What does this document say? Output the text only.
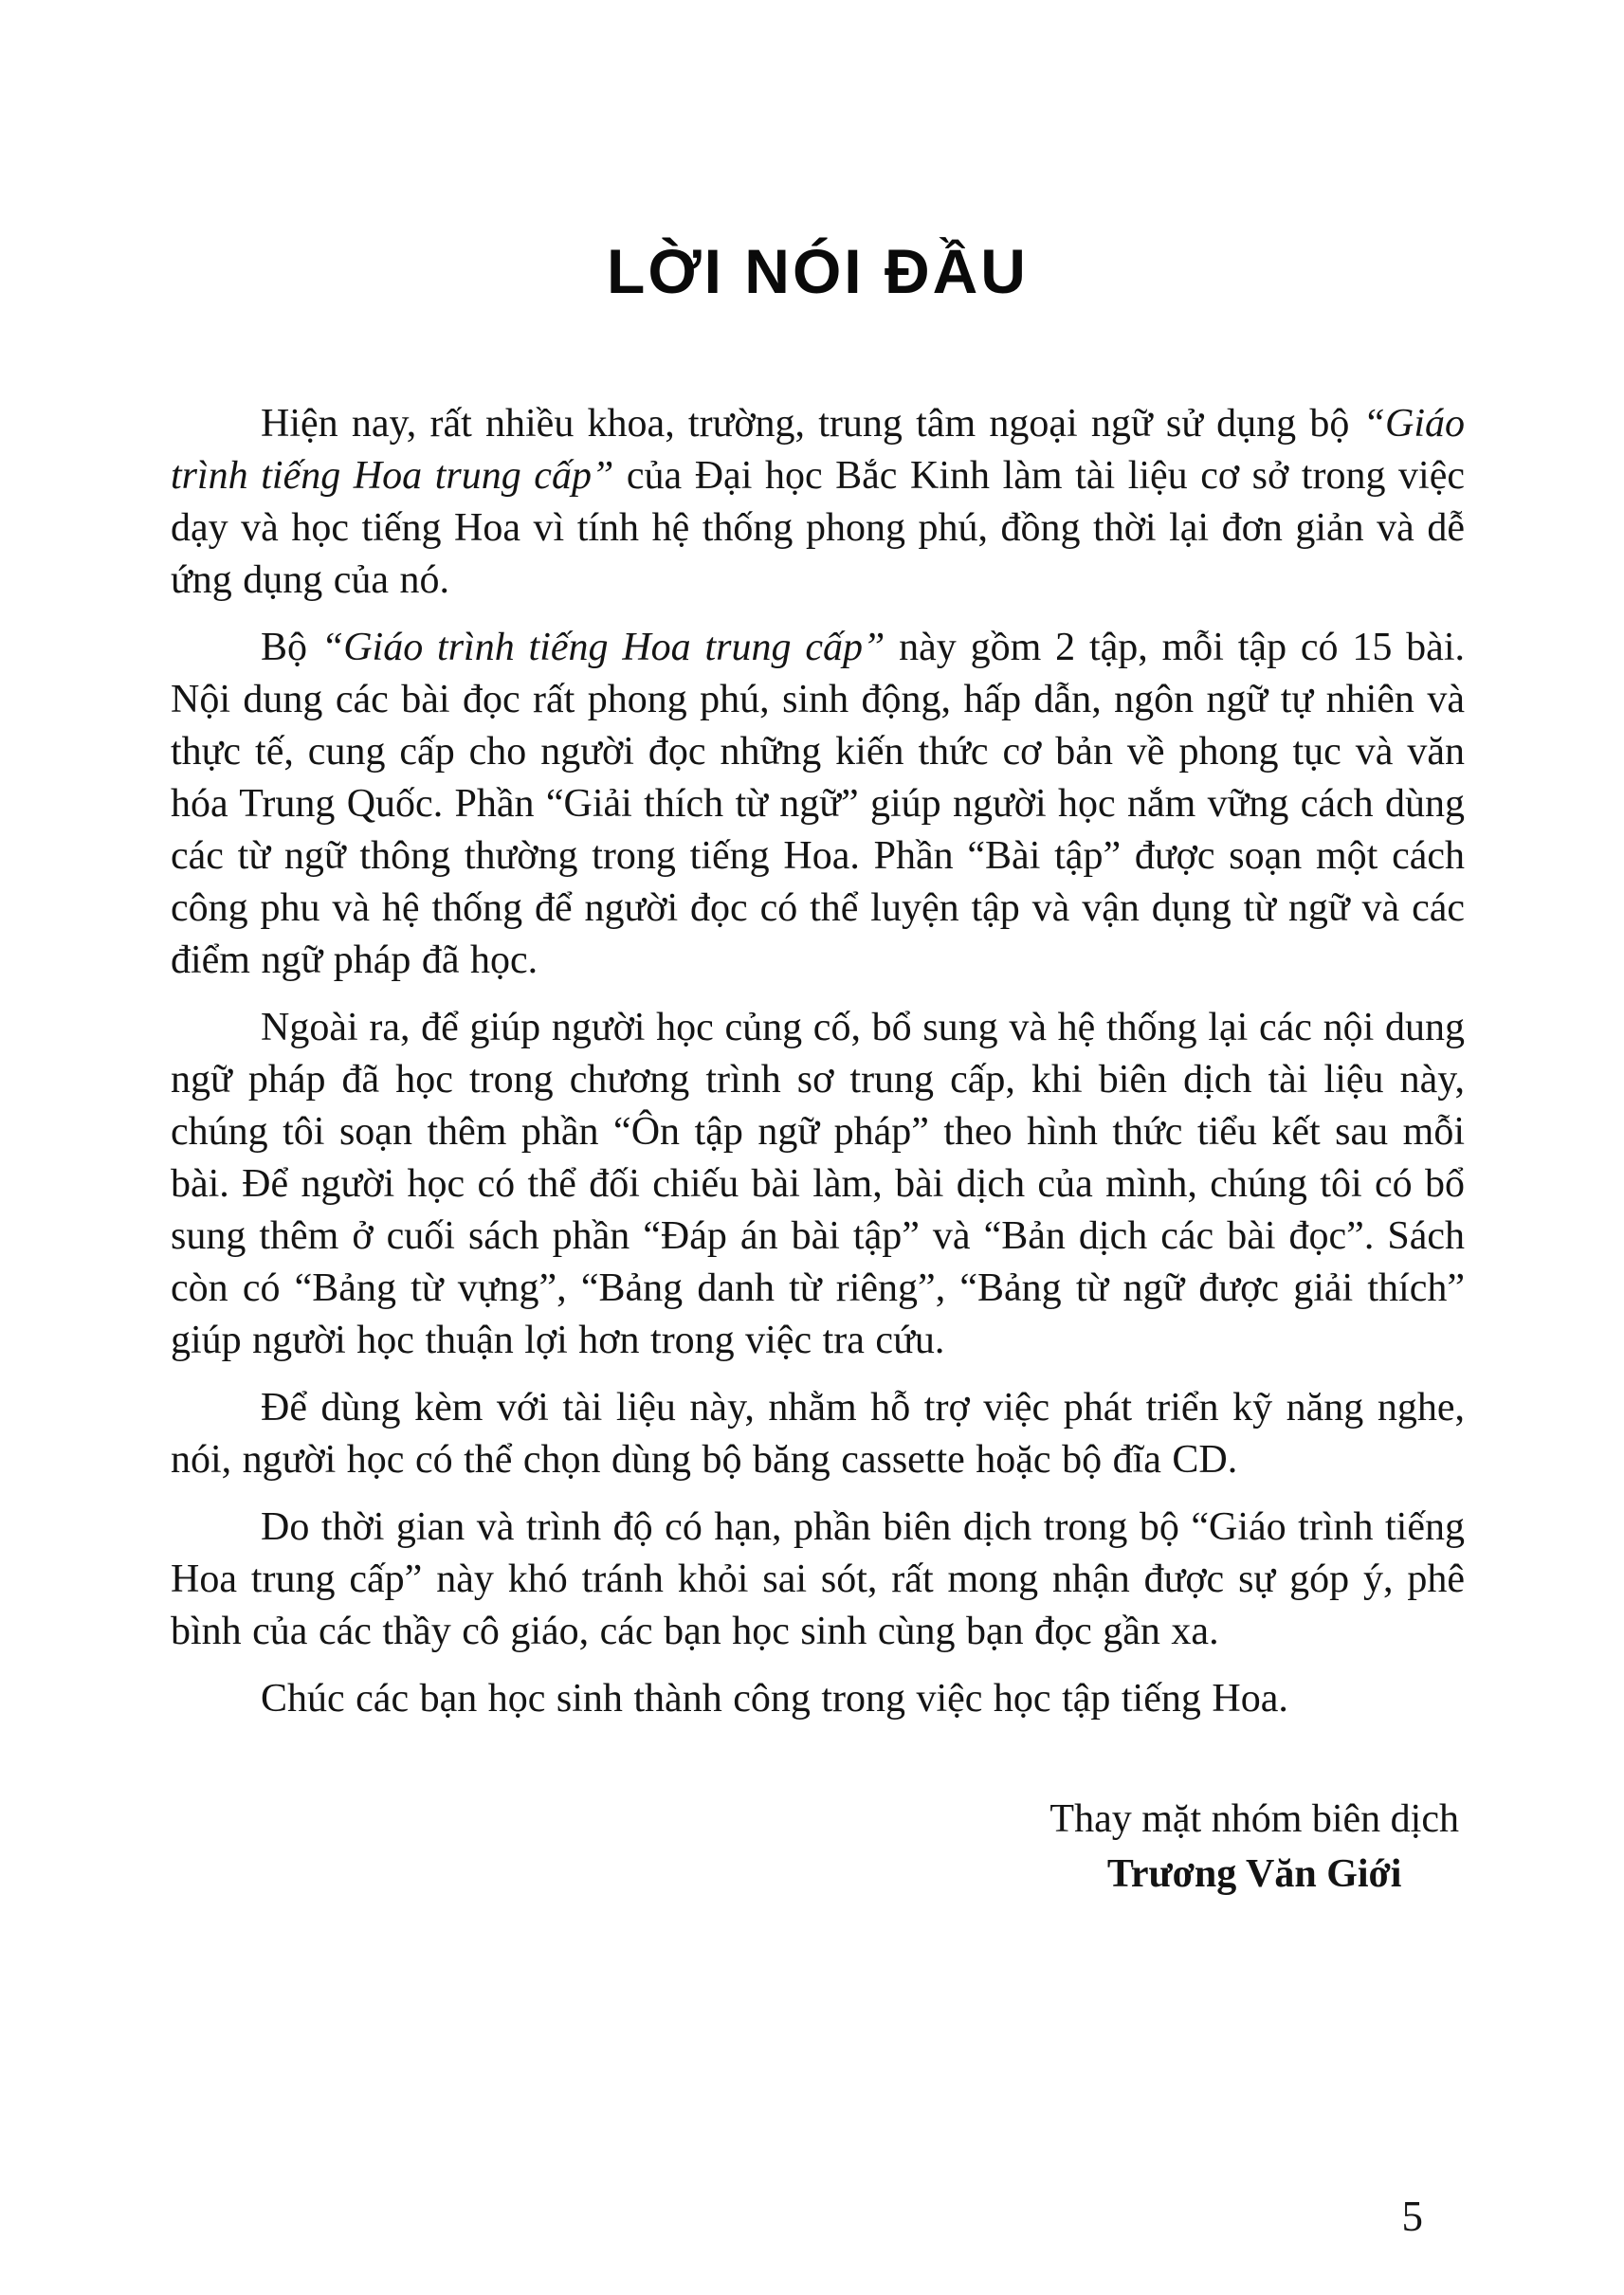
LỜI NÓI ĐẦU

Hiện nay, rất nhiều khoa, trường, trung tâm ngoại ngữ sử dụng bộ “Giáo trình tiếng Hoa trung cấp” của Đại học Bắc Kinh làm tài liệu cơ sở trong việc dạy và học tiếng Hoa vì tính hệ thống phong phú, đồng thời lại đơn giản và dễ ứng dụng của nó.

Bộ “Giáo trình tiếng Hoa trung cấp” này gồm 2 tập, mỗi tập có 15 bài. Nội dung các bài đọc rất phong phú, sinh động, hấp dẫn, ngôn ngữ tự nhiên và thực tế, cung cấp cho người đọc những kiến thức cơ bản về phong tục và văn hóa Trung Quốc. Phần “Giải thích từ ngữ” giúp người học nắm vững cách dùng các từ ngữ thông thường trong tiếng Hoa. Phần “Bài tập” được soạn một cách công phu và hệ thống để người đọc có thể luyện tập và vận dụng từ ngữ và các điểm ngữ pháp đã học.

Ngoài ra, để giúp người học củng cố, bổ sung và hệ thống lại các nội dung ngữ pháp đã học trong chương trình sơ trung cấp, khi biên dịch tài liệu này, chúng tôi soạn thêm phần “Ôn tập ngữ pháp” theo hình thức tiểu kết sau mỗi bài. Để người học có thể đối chiếu bài làm, bài dịch của mình, chúng tôi có bổ sung thêm ở cuối sách phần “Đáp án bài tập” và “Bản dịch các bài đọc”. Sách còn có “Bảng từ vựng”, “Bảng danh từ riêng”, “Bảng từ ngữ được giải thích” giúp người học thuận lợi hơn trong việc tra cứu.

Để dùng kèm với tài liệu này, nhằm hỗ trợ việc phát triển kỹ năng nghe, nói, người học có thể chọn dùng bộ băng cassette hoặc bộ đĩa CD.

Do thời gian và trình độ có hạn, phần biên dịch trong bộ “Giáo trình tiếng Hoa trung cấp” này khó tránh khỏi sai sót, rất mong nhận được sự góp ý, phê bình của các thầy cô giáo, các bạn học sinh cùng bạn đọc gần xa.

Chúc các bạn học sinh thành công trong việc học tập tiếng Hoa.

Thay mặt nhóm biên dịch
Trương Văn Giới
5
